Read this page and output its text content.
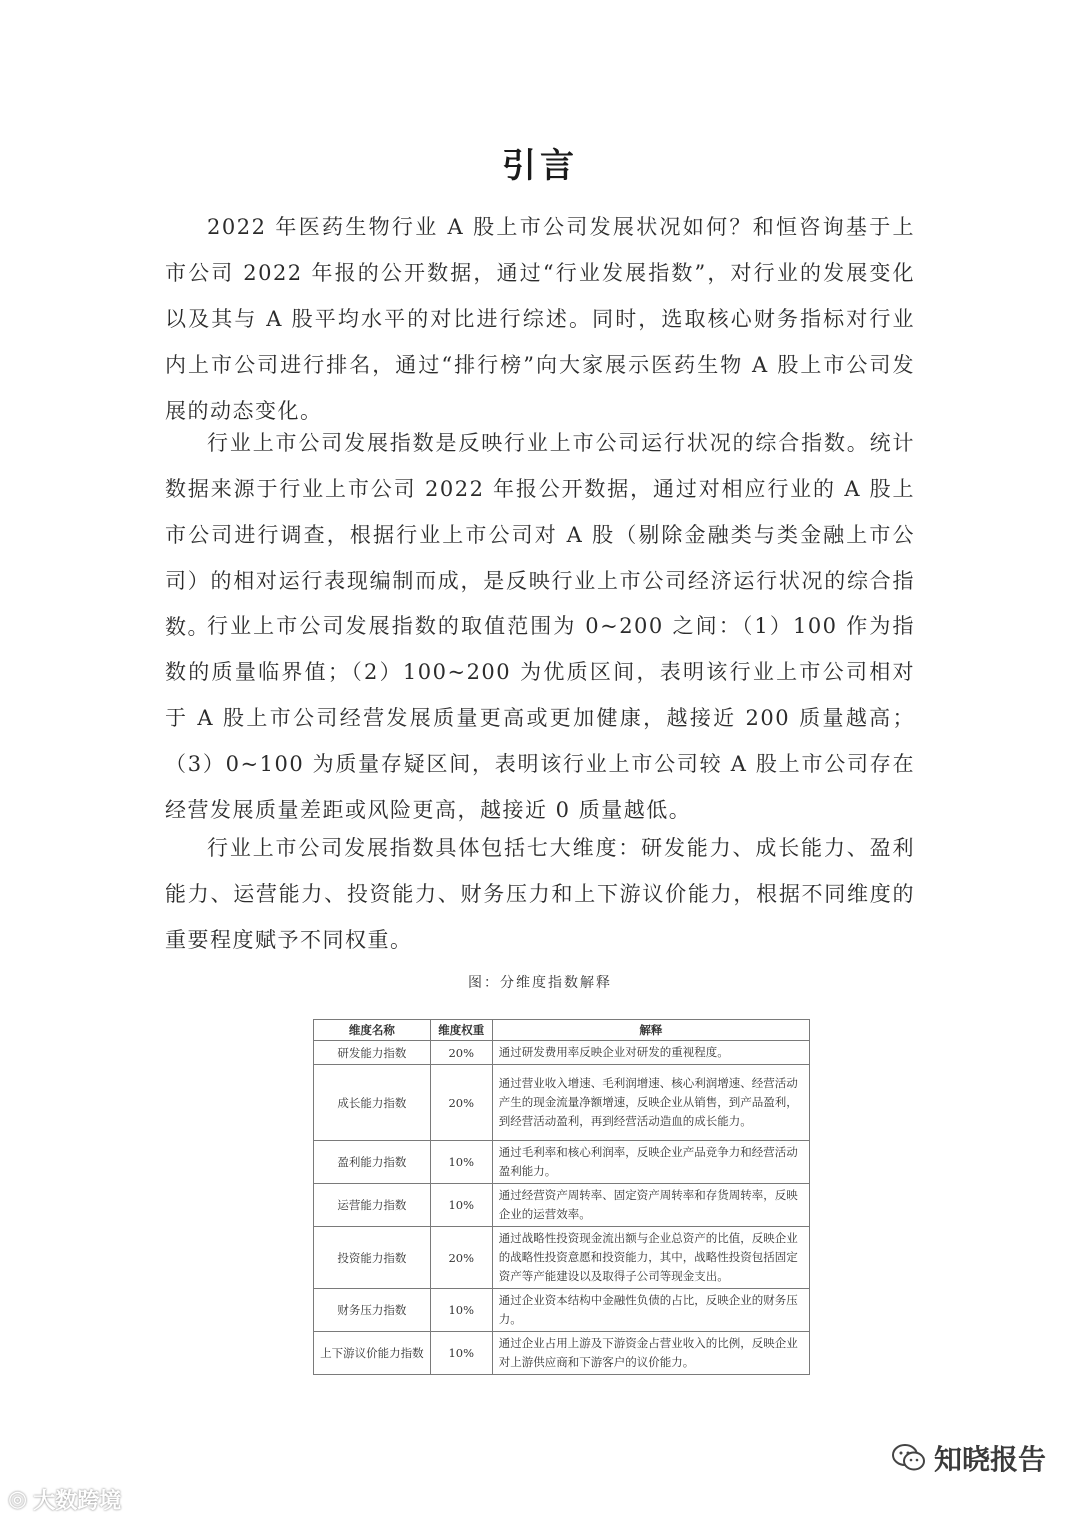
引言

2022 年医药生物行业 A 股上市公司发展状况如何？和恒咨询基于上市公司 2022 年报的公开数据，通过“行业发展指数”，对行业的发展变化以及其与 A 股平均水平的对比进行综述。同时，选取核心财务指标对行业内上市公司进行排名，通过“排行榜”向大家展示医药生物 A 股上市公司发展的动态变化。

行业上市公司发展指数是反映行业上市公司运行状况的综合指数。统计数据来源于行业上市公司 2022 年报公开数据，通过对相应行业的 A 股上市公司进行调查，根据行业上市公司对 A 股（剔除金融类与类金融上市公司）的相对运行表现编制而成，是反映行业上市公司经济运行状况的综合指数。

行业上市公司发展指数的取值范围为 0~200 之间：（1）100 作为指数的质量临界值；（2）100~200 为优质区间，表明该行业上市公司相对于 A 股上市公司经营发展质量更高或更加健康，越接近 200 质量越高；（3）0~100 为质量存疑区间，表明该行业上市公司较 A 股上市公司存在经营发展质量差距或风险更高，越接近 0 质量越低。

行业上市公司发展指数具体包括七大维度：研发能力、成长能力、盈利能力、运营能力、投资能力、财务压力和上下游议价能力，根据不同维度的重要程度赋予不同权重。

图：分维度指数解释
维度名称	维度权重	解释
研发能力指数	20%	通过研发费用率反映企业对研发的重视程度。
成长能力指数	20%	通过营业收入增速、毛利润增速、核心利润增速、经营活动产生的现金流量净额增速，反映企业从销售，到产品盈利，到经营活动盈利，再到经营活动造血的成长能力。
盈利能力指数	10%	通过毛利率和核心利润率，反映企业产品竞争力和经营活动盈利能力。
运营能力指数	10%	通过经营资产周转率、固定资产周转率和存货周转率，反映企业的运营效率。
投资能力指数	20%	通过战略性投资现金流出额与企业总资产的比值，反映企业的战略性投资意愿和投资能力，其中，战略性投资包括固定资产等产能建设以及取得子公司等现金支出。
财务压力指数	10%	通过企业资本结构中金融性负债的占比，反映企业的财务压力。
上下游议价能力指数	10%	通过企业占用上游及下游资金占营业收入的比例，反映企业对上游供应商和下游客户的议价能力。
◎ 大数跨境
知晓报告
